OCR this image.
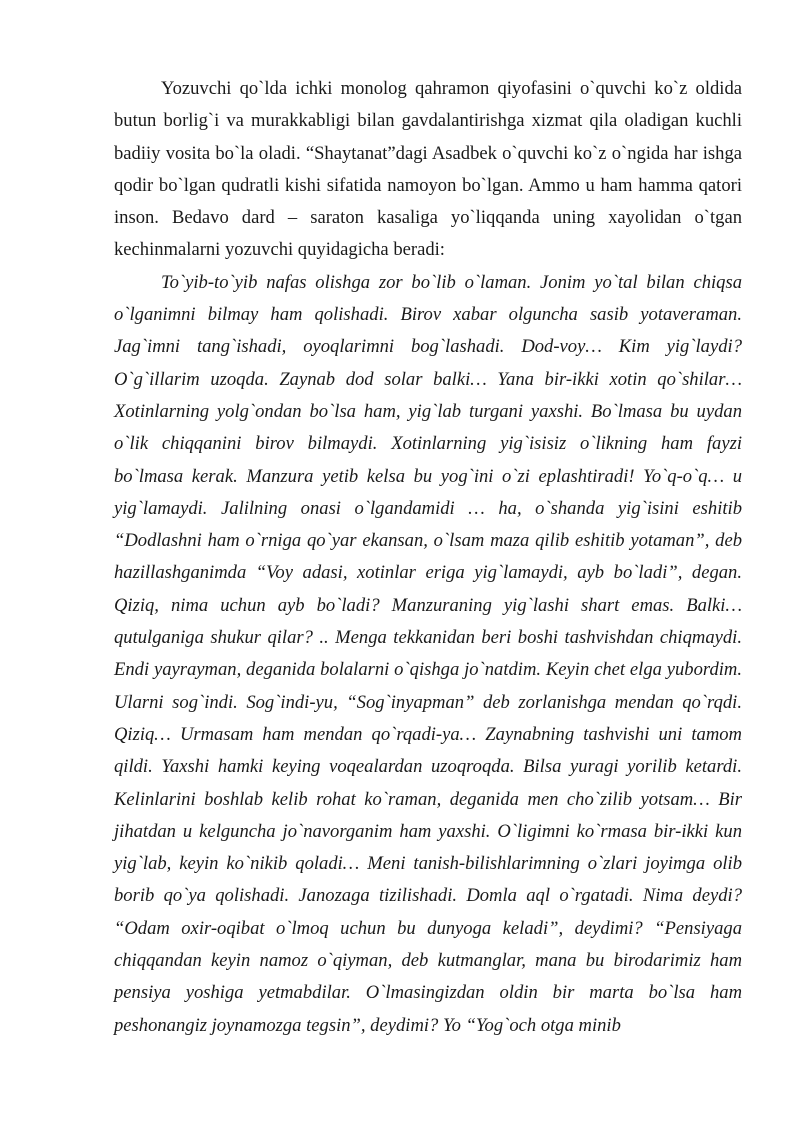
Yozuvchi qo`lda ichki monolog qahramon qiyofasini o`quvchi ko`z oldida butun borlig`i va murakkabligi bilan gavdalantirishga xizmat qila oladigan kuchli badiiy vosita bo`la oladi. “Shaytanat”dagi Asadbek o`quvchi ko`z o`ngida har ishga qodir bo`lgan qudratli kishi sifatida namoyon bo`lgan. Ammo u ham hamma qatori inson. Bedavo dard – saraton kasaliga yo`liqqanda uning xayolidan o`tgan kechinmalarni yozuvchi quyidagicha beradi:

To`yib-to`yib nafas olishga zor bo`lib o`laman. Jonim yo`tal bilan chiqsa o`lganimni bilmay ham qolishadi. Birov xabar olguncha sasib yotaveraman. Jag`imni tang`ishadi, oyoqlarimni bog`lashadi. Dod-voy… Kim yig`laydi? O`g`illarim uzoqda. Zaynab dod solar balki… Yana bir-ikki xotin qo`shilar… Xotinlarning yolg`ondan bo`lsa ham, yig`lab turgani yaxshi. Bo`lmasa bu uydan o`lik chiqqanini birov bilmaydi. Xotinlarning yig`isisiz o`likning ham fayzi bo`lmasa kerak. Manzura yetib kelsa bu yog`ini o`zi eplashtiradi! Yo`q-o`q… u yig`lamaydi. Jalilning onasi o`lgandamidi … ha, o`shanda yig`isini eshitib “Dodlashni ham o`rniga qo`yar ekansan, o`lsam maza qilib eshitib yotaman”, deb hazillashganimda “Voy adasi, xotinlar eriga yig`lamaydi, ayb bo`ladi”, degan. Qiziq, nima uchun ayb bo`ladi? Manzuraning yig`lashi shart emas. Balki… qutulganiga shukur qilar? .. Menga tekkanidan beri boshi tashvishdan chiqmaydi. Endi yayrayman, deganida bolalarni o`qishga jo`natdim. Keyin chet elga yubordim. Ularni sog`indi. Sog`indi-yu, “Sog`inyapman” deb zorlanishga mendan qo`rqdi. Qiziq… Urmasam ham mendan qo`rqadi-ya… Zaynabning tashvishi uni tamom qildi. Yaxshi hamki keying voqealardan uzoqroqda. Bilsa yuragi yorilib ketardi. Kelinlarini boshlab kelib rohat ko`raman, deganida men cho`zilib yotsam… Bir jihatdan u kelguncha jo`navorganim ham yaxshi. O`ligimni ko`rmasa bir-ikki kun yig`lab, keyin ko`nikib qoladi… Meni tanish-bilishlarimning o`zlari joyimga olib borib qo`ya qolishadi. Janozaga tizilishadi. Domla aql o`rgatadi. Nima deydi? “Odam oxir-oqibat o`lmoq uchun bu dunyoga keladi”, deydimi? “Pensiyaga chiqqandan keyin namoz o`qiyman, deb kutmanglar, mana bu birodarimiz ham pensiya yoshiga yetmabdilar. O`lmasingizdan oldin bir marta bo`lsa ham peshonangiz joynamozga tegsin”, deydimi? Yo “Yog`och otga minib
